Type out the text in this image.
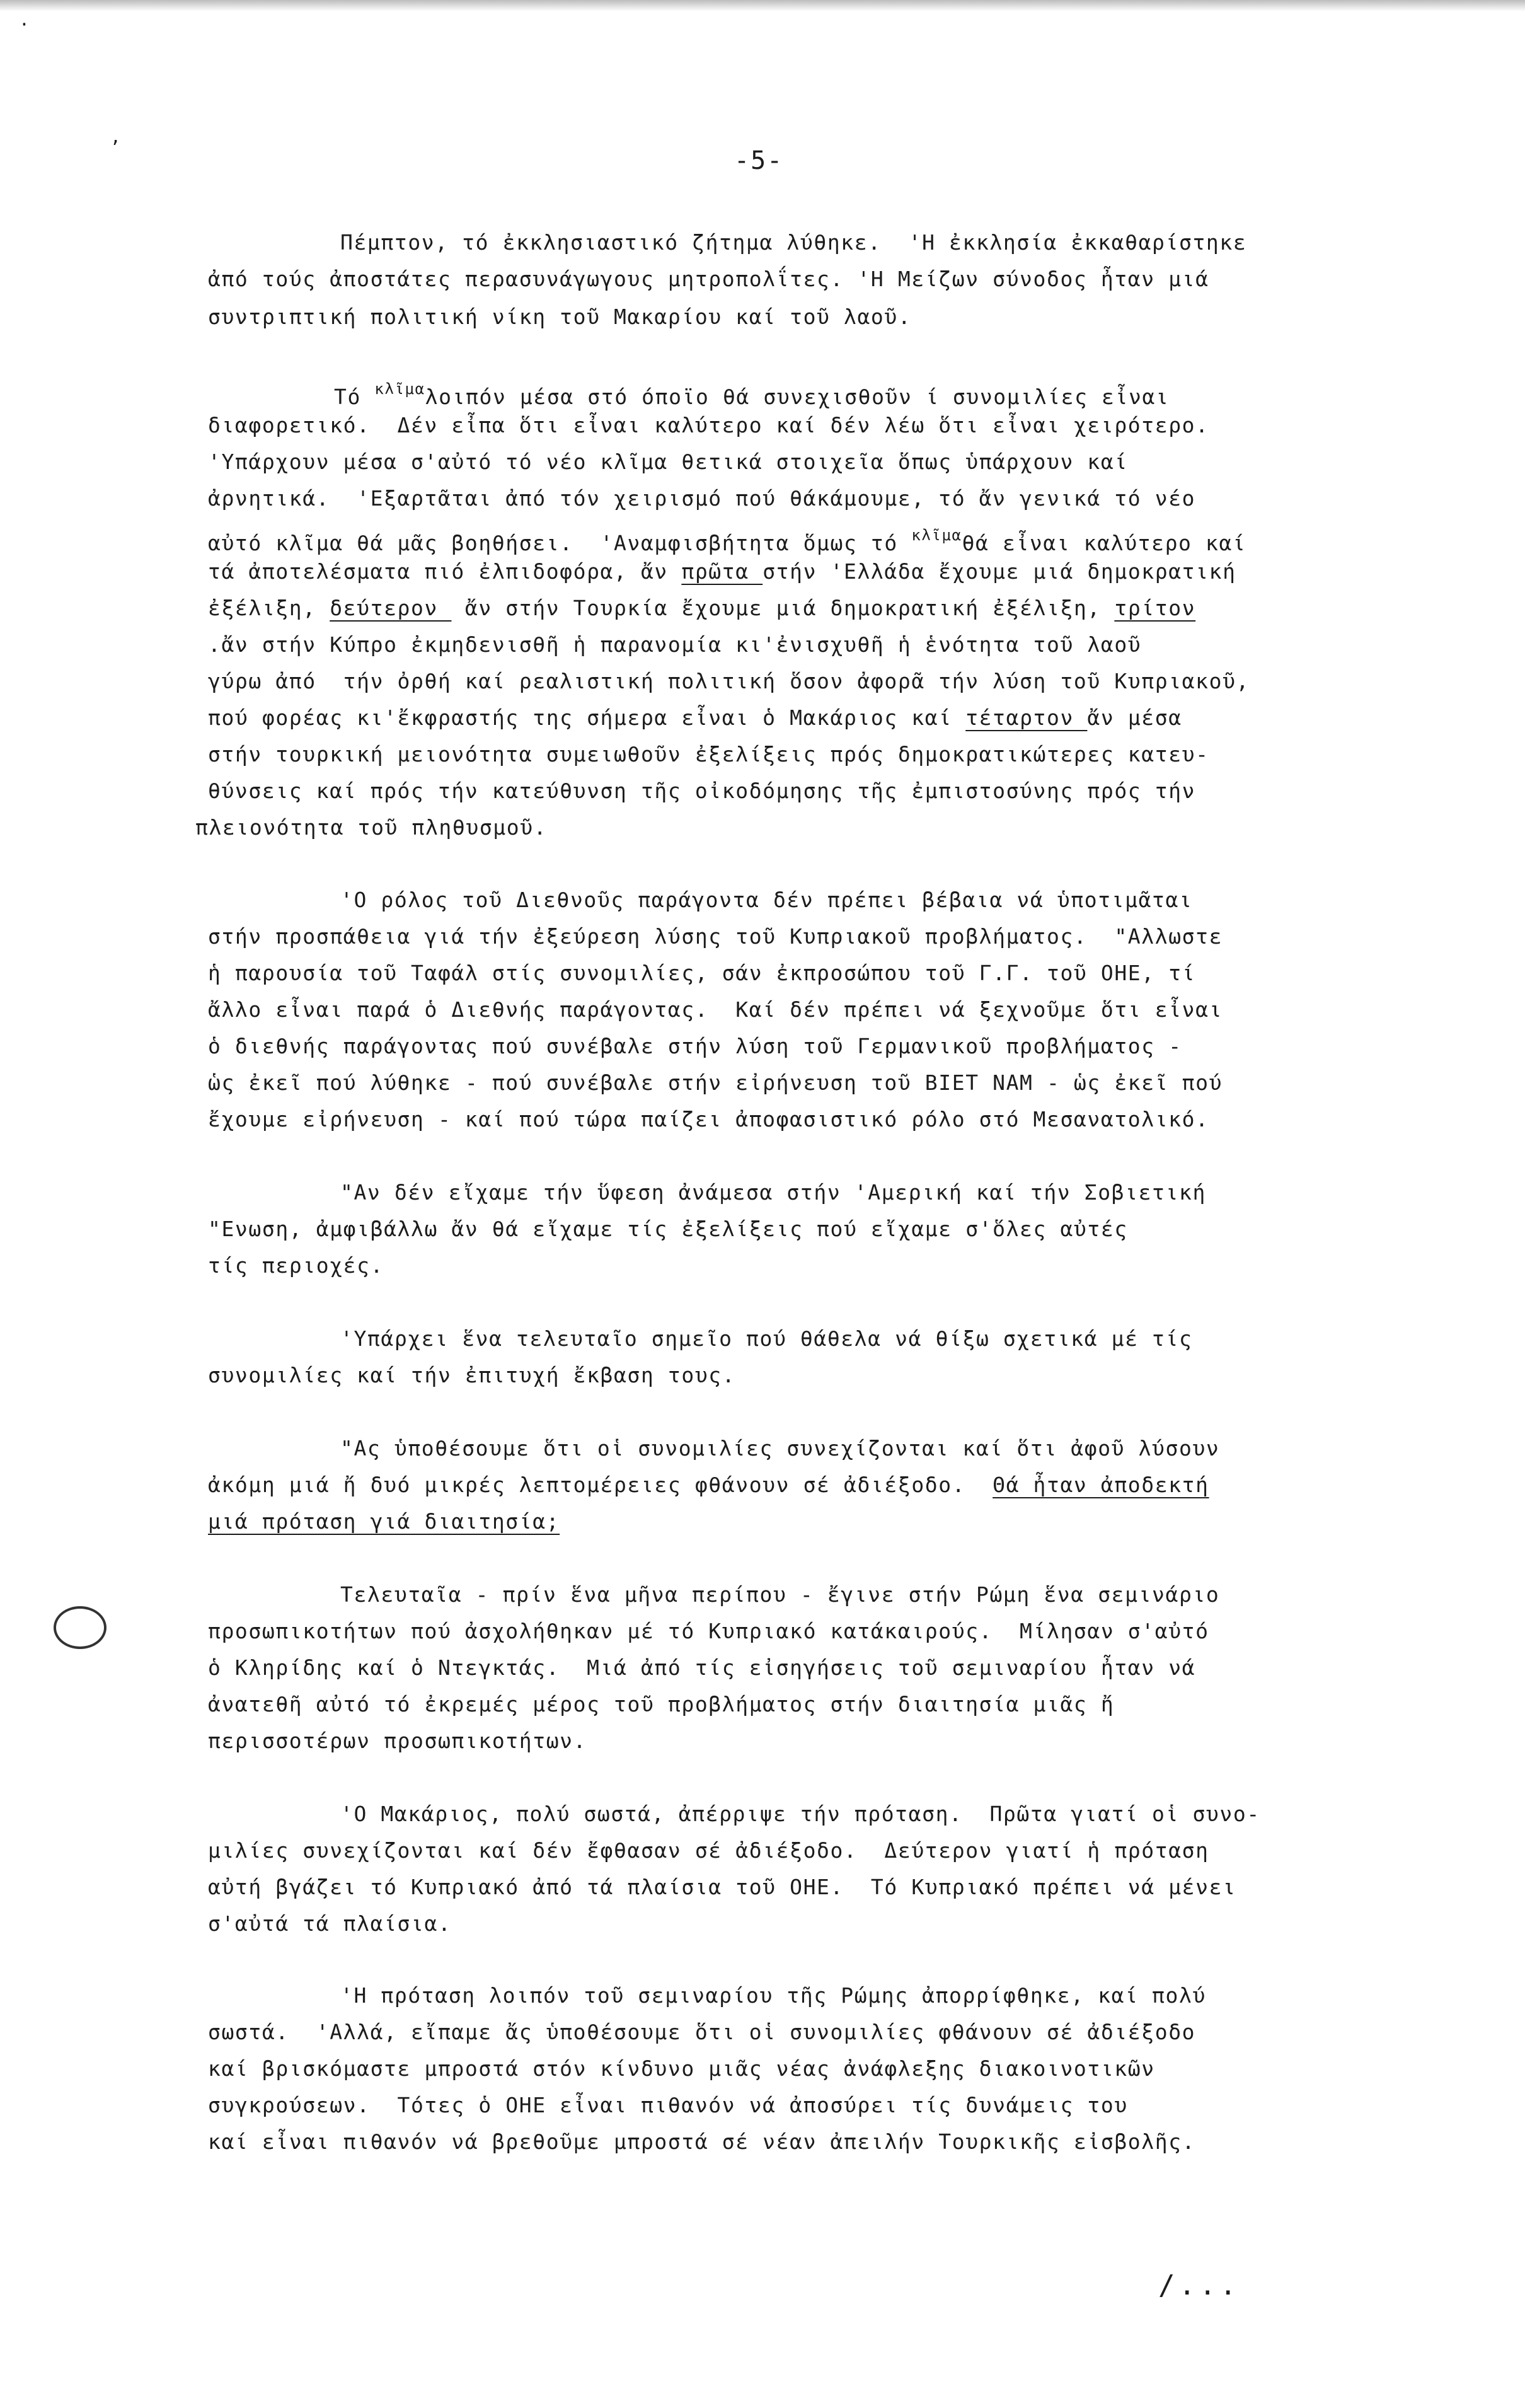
·
,
-5-
Πέμπτον, τό ἐκκλησιαστικό ζήτημα λύθηκε.  'Η ἐκκλησία ἐκκαθαρίστηκε
ἀπό τούς ἀποστάτες περασυνάγωγους μητροπολΐτες. 'Η Μείζων σύνοδος ἦταν μιά
συντριπτική πολιτική νίκη τοῦ Μακαρίου καί τοῦ λαοῦ.
Τό $^{\kappa\lambda ῖ\mu\alpha}$λοιπόν μέσα στό όποϊο θά συνεχισθοῦν ί συνομιλίες εἶναι
διαφορετικό.  Δέν εἶπα ὅτι εἶναι καλύτερο καί δέν λέω ὅτι εἶναι χειρότερο.
'Υπάρχουν μέσα σ'αὐτό τό νέο κλῖμα θετικά στοιχεῖα ὅπως ὑπάρχουν καί
ἀρνητικά.  'Εξαρτᾶται ἀπό τόν χειρισμό πού θάκάμουμε, τό ἄν γενικά τό νέο
αὐτό κλῖμα θά μᾶς βοηθήσει.  'Αναμφισβήτητα ὅμως τό $^{\kappa\lambda ῖ\mu\alpha}$θά εἶναι καλύτερο καί
τά ἀποτελέσματα πιό ἐλπιδοφόρα, ἄν πρῶτα στήν 'Ελλάδα ἔχουμε μιά δημοκρατική
ἐξέλιξη, δεύτερον  ἄν στήν Τουρκία ἔχουμε μιά δημοκρατική ἐξέλιξη, τρίτον
.ἄν στήν Κύπρο ἐκμηδενισθῆ ἡ παρανομία κι'ἐνισχυθῆ ἡ ἑνότητα τοῦ λαοῦ
γύρω ἀπό  τήν ὀρθή καί ρεαλιστική πολιτική ὅσον ἀφορᾶ τήν λύση τοῦ Κυπριακοῦ,
πού φορέας κι'ἔκφραστής της σήμερα εἶναι ὁ Μακάριος καί τέταρτον ἄν μέσα
στήν τουρκική μειονότητα συμειωθοῦν ἐξελίξεις πρός δημοκρατικώτερες κατευ-
θύνσεις καί πρός τήν κατεύθυνση τῆς οἰκοδόμησης τῆς ἐμπιστοσύνης πρός τήν
πλειονότητα τοῦ πληθυσμοῦ.
'Ο ρόλος τοῦ Διεθνοῦς παράγοντα δέν πρέπει βέβαια νά ὑποτιμᾶται
στήν προσπάθεια γιά τήν ἐξεύρεση λύσης τοῦ Κυπριακοῦ προβλήματος.  "Αλλωστε
ἡ παρουσία τοῦ Ταφάλ στίς συνομιλίες, σάν ἐκπροσώπου τοῦ Γ.Γ. τοῦ ΟΗΕ, τί
ἄλλο εἶναι παρά ὁ Διεθνής παράγοντας.  Καί δέν πρέπει νά ξεχνοῦμε ὅτι εἶναι
ὁ διεθνής παράγοντας πού συνέβαλε στήν λύση τοῦ Γερμανικοῦ προβλήματος -
ὡς ἐκεῖ πού λύθηκε - πού συνέβαλε στήν εἰρήνευση τοῦ ΒΙΕΤ ΝΑΜ - ὡς ἐκεῖ πού
ἔχουμε εἰρήνευση - καί πού τώρα παίζει ἀποφασιστικό ρόλο στό Μεσανατολικό.
"Αν δέν εἴχαμε τήν ὕφεση ἀνάμεσα στήν 'Αμερική καί τήν Σοβιετική
"Ενωση, ἀμφιβάλλω ἄν θά εἴχαμε τίς ἐξελίξεις πού εἴχαμε σ'ὅλες αὐτές
τίς περιοχές.
'Υπάρχει ἕνα τελευταῖο σημεῖο πού θάθελα νά θίξω σχετικά μέ τίς
συνομιλίες καί τήν ἐπιτυχή ἔκβαση τους.
"Ας ὑποθέσουμε ὅτι οἱ συνομιλίες συνεχίζονται καί ὅτι ἀφοῦ λύσουν
ἀκόμη μιά ἤ δυό μικρές λεπτομέρειες φθάνουν σέ ἀδιέξοδο.  Θά ἦταν ἀποδεκτή
μιά πρόταση γιά διαιτησία;
Τελευταῖα - πρίν ἕνα μῆνα περίπου - ἔγινε στήν Ρώμη ἕνα σεμινάριο
προσωπικοτήτων πού ἀσχολήθηκαν μέ τό Κυπριακό κατάκαιρούς.  Μίλησαν σ'αὐτό
ὁ Κληρίδης καί ὁ Ντεγκτάς.  Μιά ἀπό τίς εἰσηγήσεις τοῦ σεμιναρίου ἦταν νά
ἀνατεθῆ αὐτό τό ἐκρεμές μέρος τοῦ προβλήματος στήν διαιτησία μιᾶς ἤ
περισσοτέρων προσωπικοτήτων.
'Ο Μακάριος, πολύ σωστά, ἀπέρριψε τήν πρόταση.  Πρῶτα γιατί οἱ συνο-
μιλίες συνεχίζονται καί δέν ἔφθασαν σέ ἀδιέξοδο.  Δεύτερον γιατί ἡ πρόταση
αὐτή βγάζει τό Κυπριακό ἀπό τά πλαίσια τοῦ ΟΗΕ.  Τό Κυπριακό πρέπει νά μένει
σ'αὐτά τά πλαίσια.
'Η πρόταση λοιπόν τοῦ σεμιναρίου τῆς Ρώμης ἀπορρίφθηκε, καί πολύ
σωστά.  'Αλλά, εἴπαμε ἄς ὑποθέσουμε ὅτι οἱ συνομιλίες φθάνουν σέ ἀδιέξοδο
καί βρισκόμαστε μπροστά στόν κίνδυνο μιᾶς νέας ἀνάφλεξης διακοινοτικῶν
συγκρούσεων.  Τότες ὁ ΟΗΕ εἶναι πιθανόν νά ἀποσύρει τίς δυνάμεις του
καί εἶναι πιθανόν νά βρεθοῦμε μπροστά σέ νέαν ἀπειλήν Τουρκικῆς εἰσβολῆς.
/...
